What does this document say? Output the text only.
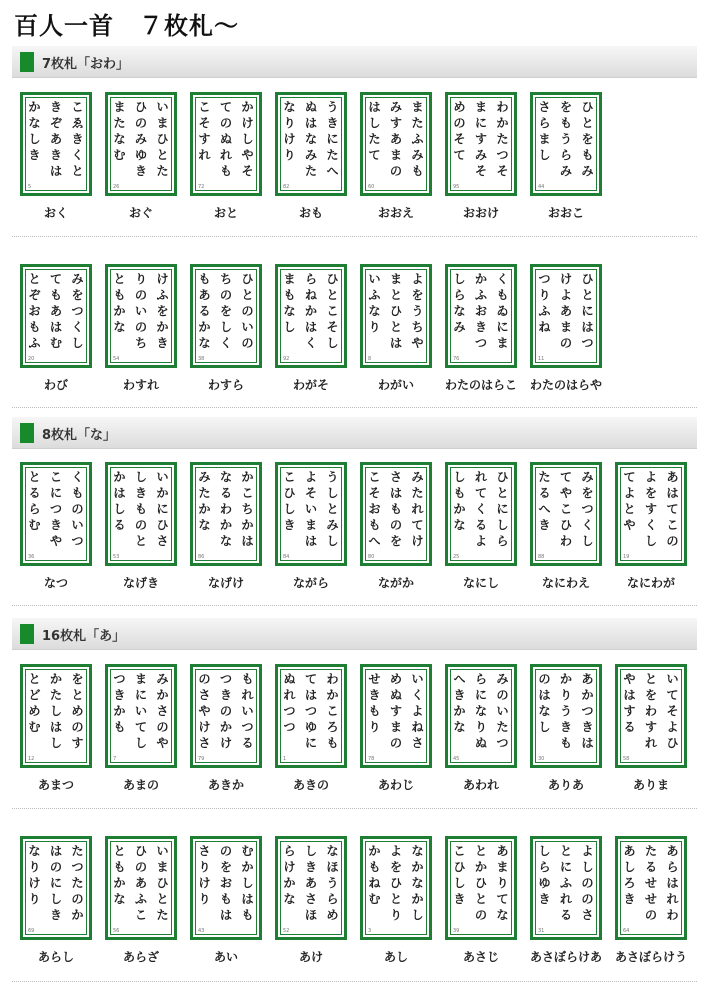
百人一首　７枚札～
7枚札「おわ」
こ
ゑ
き
く
と
き
ぞ
あ
き
は
か
な
し
き
5
おく
い
ま
ひ
と
た
ひ
の
み
ゆ
き
ま
た
な
む
26
おぐ
か
け
し
や
そ
て
の
ぬ
れ
も
こ
そ
す
れ
72
おと
う
き
に
た
へ
ぬ
は
な
み
た
な
り
け
り
82
おも
ま
た
ふ
み
も
み
す
あ
ま
の
は
し
た
て
60
おおえ
わ
か
た
つ
そ
ま
に
す
み
そ
め
の
そ
て
95
おおけ
ひ
と
を
も
み
を
も
う
ら
み
さ
ら
ま
し
44
おおこ
み
を
つ
く
し
て
も
あ
は
む
と
ぞ
お
も
ふ
20
わび
け
ふ
を
か
き
り
の
い
の
ち
と
も
か
な
54
わすれ
ひ
と
の
い
の
ち
の
を
し
く
も
あ
る
か
な
38
わすら
ひ
と
こ
そ
し
ら
ね
か
は
く
ま
も
な
し
92
わがそ
よ
を
う
ち
や
ま
と
ひ
と
は
い
ふ
な
り
8
わがい
く
も
ゐ
に
ま
か
ふ
お
き
つ
し
ら
な
み
76
わたのはらこ
ひ
と
に
は
つ
け
よ
あ
ま
の
つ
り
ふ
ね
11
わたのはらや
8枚札「な」
く
も
の
い
つ
こ
に
つ
き
や
と
る
ら
む
36
なつ
い
か
に
ひ
さ
し
き
も
の
と
か
は
し
る
53
なげき
か
こ
ち
か
は
な
る
わ
か
な
み
た
か
な
86
なげけ
う
し
と
み
し
よ
そ
い
ま
は
こ
ひ
し
き
84
ながら
み
た
れ
て
け
さ
は
も
の
を
こ
そ
お
も
へ
80
ながか
ひ
と
に
し
ら
れ
て
く
る
よ
し
も
か
な
25
なにし
み
を
つ
く
し
て
や
こ
ひ
わ
た
る
へ
き
88
なにわえ
あ
は
て
こ
の
よ
を
す
く
し
て
よ
と
や
19
なにわが
16枚札「あ」
を
と
め
の
す
か
た
し
は
し
と
ど
め
む
12
あまつ
み
か
さ
の
や
ま
に
い
て
し
つ
き
か
も
7
あまの
も
れ
い
つ
る
つ
き
の
か
け
の
さ
や
け
さ
79
あきか
わ
か
こ
ろ
も
て
は
つ
ゆ
に
ぬ
れ
つ
つ
1
あきの
い
く
よ
ね
さ
め
ぬ
す
ま
の
せ
き
も
り
78
あわじ
み
の
い
た
つ
ら
に
な
り
ぬ
へ
き
か
な
45
あわれ
あ
か
つ
き
は
か
り
う
き
も
の
は
な
し
30
ありあ
い
て
そ
よ
ひ
と
を
わ
す
れ
や
は
す
る
58
ありま
た
つ
た
の
か
は
の
に
し
き
な
り
け
り
69
あらし
い
ま
ひ
と
た
ひ
の
あ
ふ
こ
と
も
か
な
56
あらざ
む
か
し
は
も
の
を
お
も
は
さ
り
け
り
43
あい
な
ほ
う
ら
め
し
き
あ
さ
ほ
ら
け
か
な
52
あけ
な
か
な
か
し
よ
を
ひ
と
り
か
も
ね
む
3
あし
あ
ま
り
て
な
と
か
ひ
と
の
こ
ひ
し
き
39
あさじ
よ
し
の
の
さ
と
に
ふ
れ
る
し
ら
ゆ
き
31
あさぼらけあ
あ
ら
は
れ
わ
た
る
せ
せ
の
あ
し
ろ
き
64
あさぼらけう
